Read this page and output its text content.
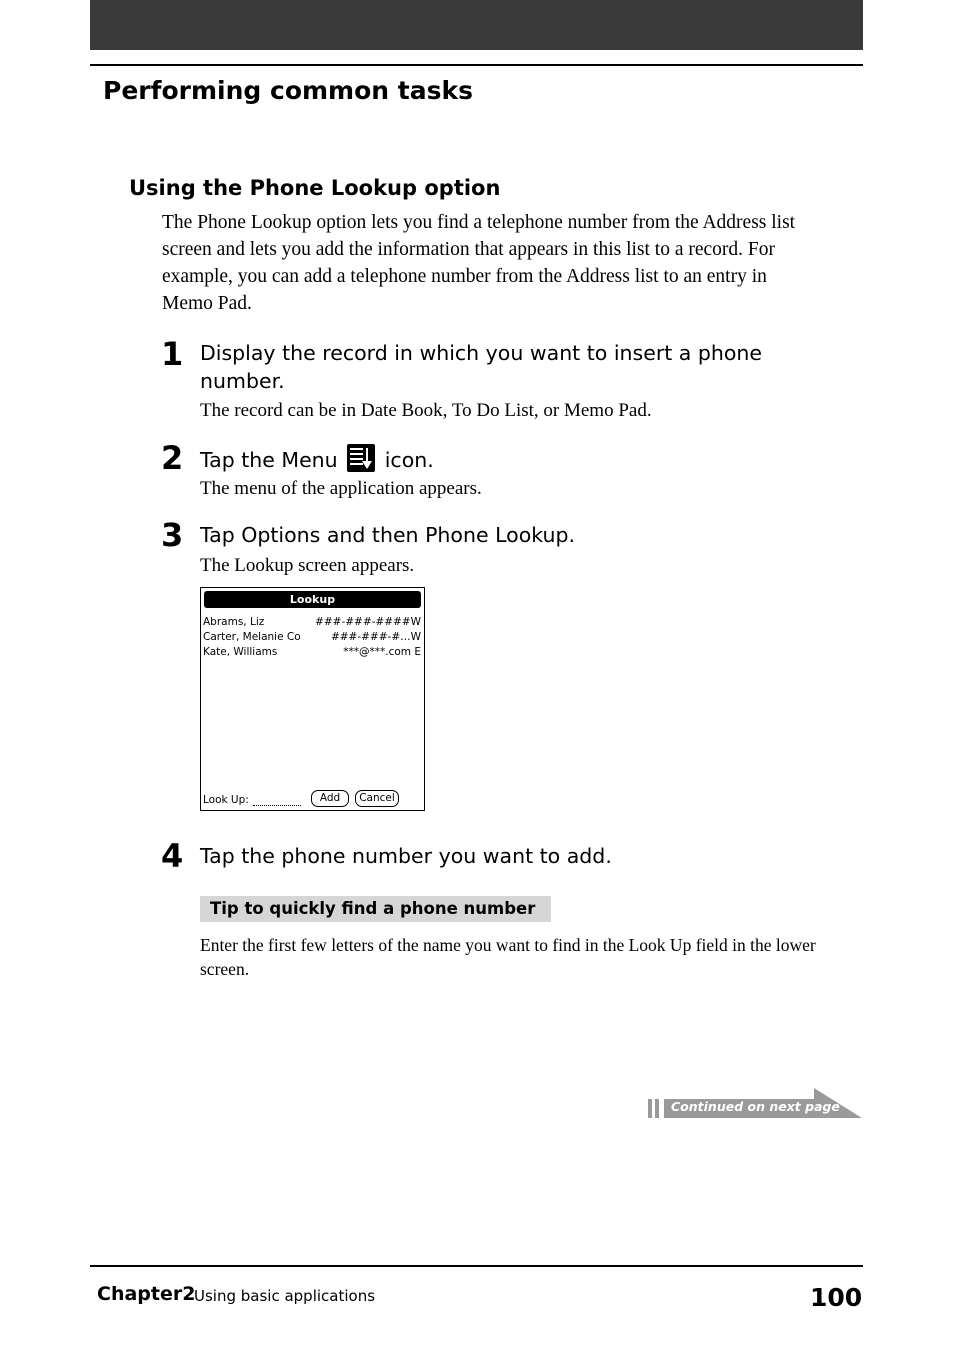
Performing common tasks
Using the Phone Lookup option

The Phone Lookup option lets you find a telephone number from the Address list screen and lets you add the information that appears in this list to a record. For example, you can add a telephone number from the Address list to an entry in Memo Pad.

1 Display the record in which you want to insert a phone number.

The record can be in Date Book, To Do List, or Memo Pad.
2 Tap the Menu icon.

The menu of the application appears.
3 Tap Options and then Phone Lookup.

The Lookup screen appears.
Lookup
Abrams, Liz	###-###-####W
Carter, Melanie Co	###-###-#…W
Kate, Williams	***@***.com E
Look Up:	Add	Cancel
4 Tap the phone number you want to add.

Tip to quickly find a phone number

Enter the first few letters of the name you want to find in the Look Up field in the lower screen.

Continued on next page
Chapter2
Using basic applications	100
